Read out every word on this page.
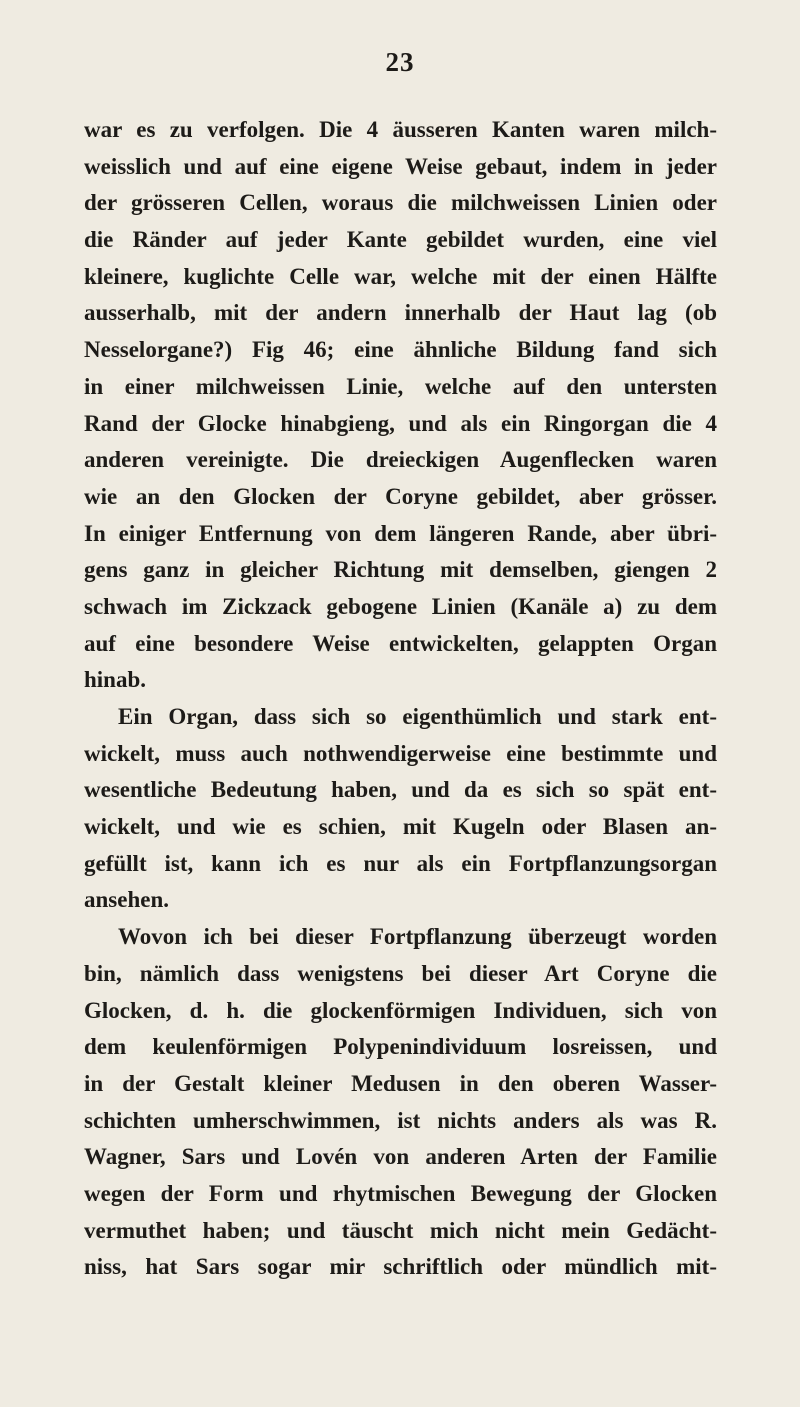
23
war es zu verfolgen. Die 4 äusseren Kanten waren milch-
weisslich und auf eine eigene Weise gebaut, indem in jeder
der grösseren Cellen, woraus die milchweissen Linien oder
die Ränder auf jeder Kante gebildet wurden, eine viel
kleinere, kuglichte Celle war, welche mit der einen Hälfte
ausserhalb, mit der andern innerhalb der Haut lag (ob
Nesselorgane?) Fig 46; eine ähnliche Bildung fand sich
in einer milchweissen Linie, welche auf den untersten
Rand der Glocke hinabgieng, und als ein Ringorgan die 4
anderen vereinigte. Die dreieckigen Augenflecken waren
wie an den Glocken der Coryne gebildet, aber grösser.
In einiger Entfernung von dem längeren Rande, aber übri-
gens ganz in gleicher Richtung mit demselben, giengen 2
schwach im Zickzack gebogene Linien (Kanäle a) zu dem
auf eine besondere Weise entwickelten, gelappten Organ
hinab.
Ein Organ, dass sich so eigenthümlich und stark ent-
wickelt, muss auch nothwendigerweise eine bestimmte und
wesentliche Bedeutung haben, und da es sich so spät ent-
wickelt, und wie es schien, mit Kugeln oder Blasen an-
gefüllt ist, kann ich es nur als ein Fortpflanzungsorgan
ansehen.
Wovon ich bei dieser Fortpflanzung überzeugt worden
bin, nämlich dass wenigstens bei dieser Art Coryne die
Glocken, d. h. die glockenförmigen Individuen, sich von
dem keulenförmigen Polypenindividuum losreissen, und
in der Gestalt kleiner Medusen in den oberen Wasser-
schichten umherschwimmen, ist nichts anders als was R.
Wagner, Sars und Lovén von anderen Arten der Familie
wegen der Form und rhytmischen Bewegung der Glocken
vermuthet haben; und täuscht mich nicht mein Gedächt-
niss, hat Sars sogar mir schriftlich oder mündlich mit-
